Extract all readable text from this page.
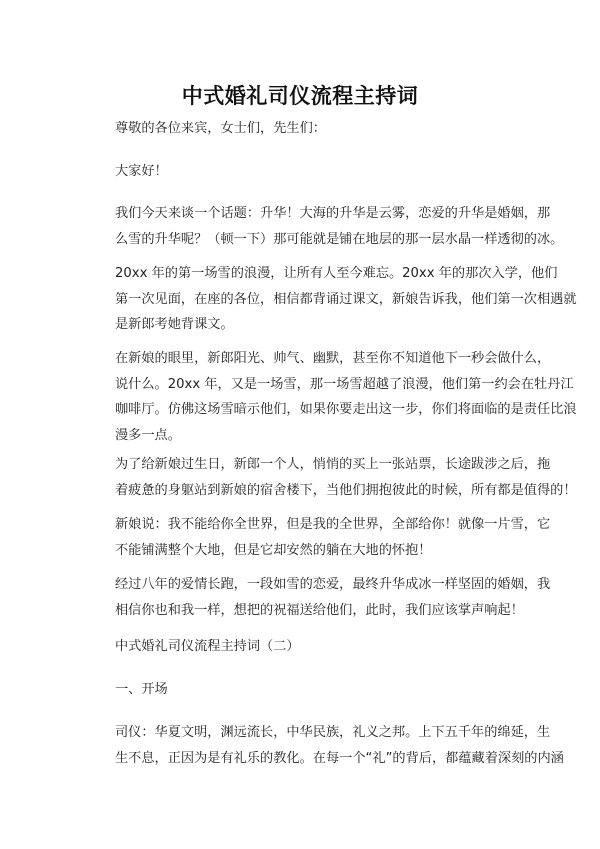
中式婚礼司仪流程主持词

尊敬的各位来宾，女士们，先生们：

大家好！

我们今天来谈一个话题：升华！大海的升华是云雾，恋爱的升华是婚姻，那
么雪的升华呢？（顿一下）那可能就是铺在地层的那一层水晶一样透彻的冰。

20xx 年的第一场雪的浪漫，让所有人至今难忘。20xx 年的那次入学，他们
第一次见面，在座的各位，相信都背诵过课文，新娘告诉我，他们第一次相遇就
是新郎考她背课文。

在新娘的眼里，新郎阳光、帅气、幽默，甚至你不知道他下一秒会做什么，
说什么。20xx 年，又是一场雪，那一场雪超越了浪漫，他们第一约会在牡丹江
咖啡厅。仿佛这场雪暗示他们，如果你要走出这一步，你们将面临的是责任比浪
漫多一点。

为了给新娘过生日，新郎一个人，悄悄的买上一张站票，长途跋涉之后，拖
着疲惫的身躯站到新娘的宿舍楼下，当他们拥抱彼此的时候，所有都是值得的！

新娘说：我不能给你全世界，但是我的全世界，全部给你！就像一片雪，它
不能铺满整个大地，但是它却安然的躺在大地的怀抱！

经过八年的爱情长跑，一段如雪的恋爱，最终升华成冰一样坚固的婚姻，我
相信你也和我一样，想把的祝福送给他们，此时，我们应该掌声响起！

中式婚礼司仪流程主持词（二）

一、开场

司仪：华夏文明，渊远流长，中华民族，礼义之邦。上下五千年的绵延，生
生不息，正因为是有礼乐的教化。在每一个“礼”的背后，都蕴藏着深刻的内涵
